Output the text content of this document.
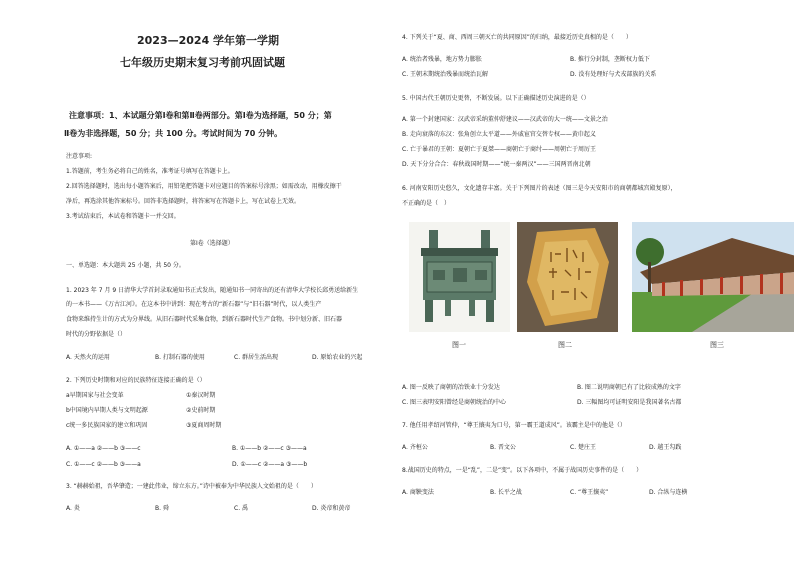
2023—2024 学年第一学期
七年级历史期末复习考前巩固试题
注意事项：1、本试题分第Ⅰ卷和第Ⅱ卷两部分。第Ⅰ卷为选择题，50 分；第
Ⅱ卷为非选择题，50 分；共 100 分。考试时间为 70 分钟。
注意事项:
1.答题前，考生务必将自己的姓名，准考证号填写在答题卡上。
2.回答选择题时，选出每小题答案后，用铅笔把答题卡对应题目的答案标号涂黑；如需改动，用橡皮擦干
净后，再选涂其他答案标号。回答非选择题时，将答案写在答题卡上，写在试卷上无效。
3.考试结束后，本试卷和答题卡一并交回。
第Ⅰ卷（选择题）
一、单选题：本大题共 25 小题，共 50 分。
1. 2023 年 7 月 9 日清华大学首封录取通知书正式发出，随通知书一同寄出的还有清华大学校长邱勇送给新生
的一本书——《万古江河》。在这本书中讲到：现在考古的“新石器”与“旧石器”时代，以人类生产
食物来维持生计的方式为分界线。从旧石器时代采集食物，到新石器时代生产食物。书中划分新、旧石器
时代的分野依据是（）
A. 天然火的运用	B. 打制石器的使用	C. 群居生活出现	D. 原始农业的兴起
2. 下列历史时期和对应的民族特征连接正确的是（）
a早期国家与社会变革	①秦汉时期
b中国境内早期人类与文明起源	②史前时期
c统一多民族国家的建立和巩固	③夏商周时期
A. ①——a ②——b ③——c	B. ①——b ②——c ③——a
C. ①——c ②——b ③——a	D. ①——c ②——a ③——b
3. “赫赫始祖，吾华肇造；一建此伟业，缔立东方。”诗中被奉为中华民族人文始祖的是（　　）
A. 炎	B. 舜	C. 禹	D. 炎帝和黄帝
4. 下列关于“夏、商、西周三朝灭亡的共同原因”的归纳，最接近历史真相的是（　　）
A. 统治者残暴，地方势力膨胀	B. 推行分封制，垄断权力低下
C. 王朝末期统治残暴而统治瓦解	D. 没有处理好与犬戎部族的关系
5. 中国古代王朝历史更替，不断发展。以下正确描述历史演进的是（）
A. 第一个封建国家：汉武帝采纳董仲舒建议——汉武帝的大一统——文景之治
B. 走向衰落的东汉：张角创立太平道——外戚宦官交替专权——黄巾起义
C. 亡于暴君的王朝：夏朝亡于夏桀——商朝亡于商纣——周朝亡于周厉王
D. 天下分分合合：春秋战国时期——“统一秦两汉”——三国两晋南北朝
6. 河南安阳历史悠久，文化遗存丰富。关于下列图片的表述（图三是今天安阳市的商朝都城宫殿复原），
不正确的是（　）
图一	图二	图三
A. 图一反映了商朝的冶铁业十分发达	B. 图二说明商朝已有了比较成熟的文字
C. 图三表明安阳曾经是商朝统治的中心	D. 三幅图均可证明安阳是我国著名古都
7. 他任用孝绍河管仲，“尊王攘夷为口号，第一霸王道成风”。该霸主是中的他是（）
A. 齐桓公	B. 晋文公	C. 楚庄王	D. 越王勾践
8.战国历史的特点，一是“乱”，二是“变”。以下各项中，不属于战国历史事件的是（　　）
A. 商鞅变法	B. 长平之战	C. “尊王攘夷”	D. 合纵与连横
